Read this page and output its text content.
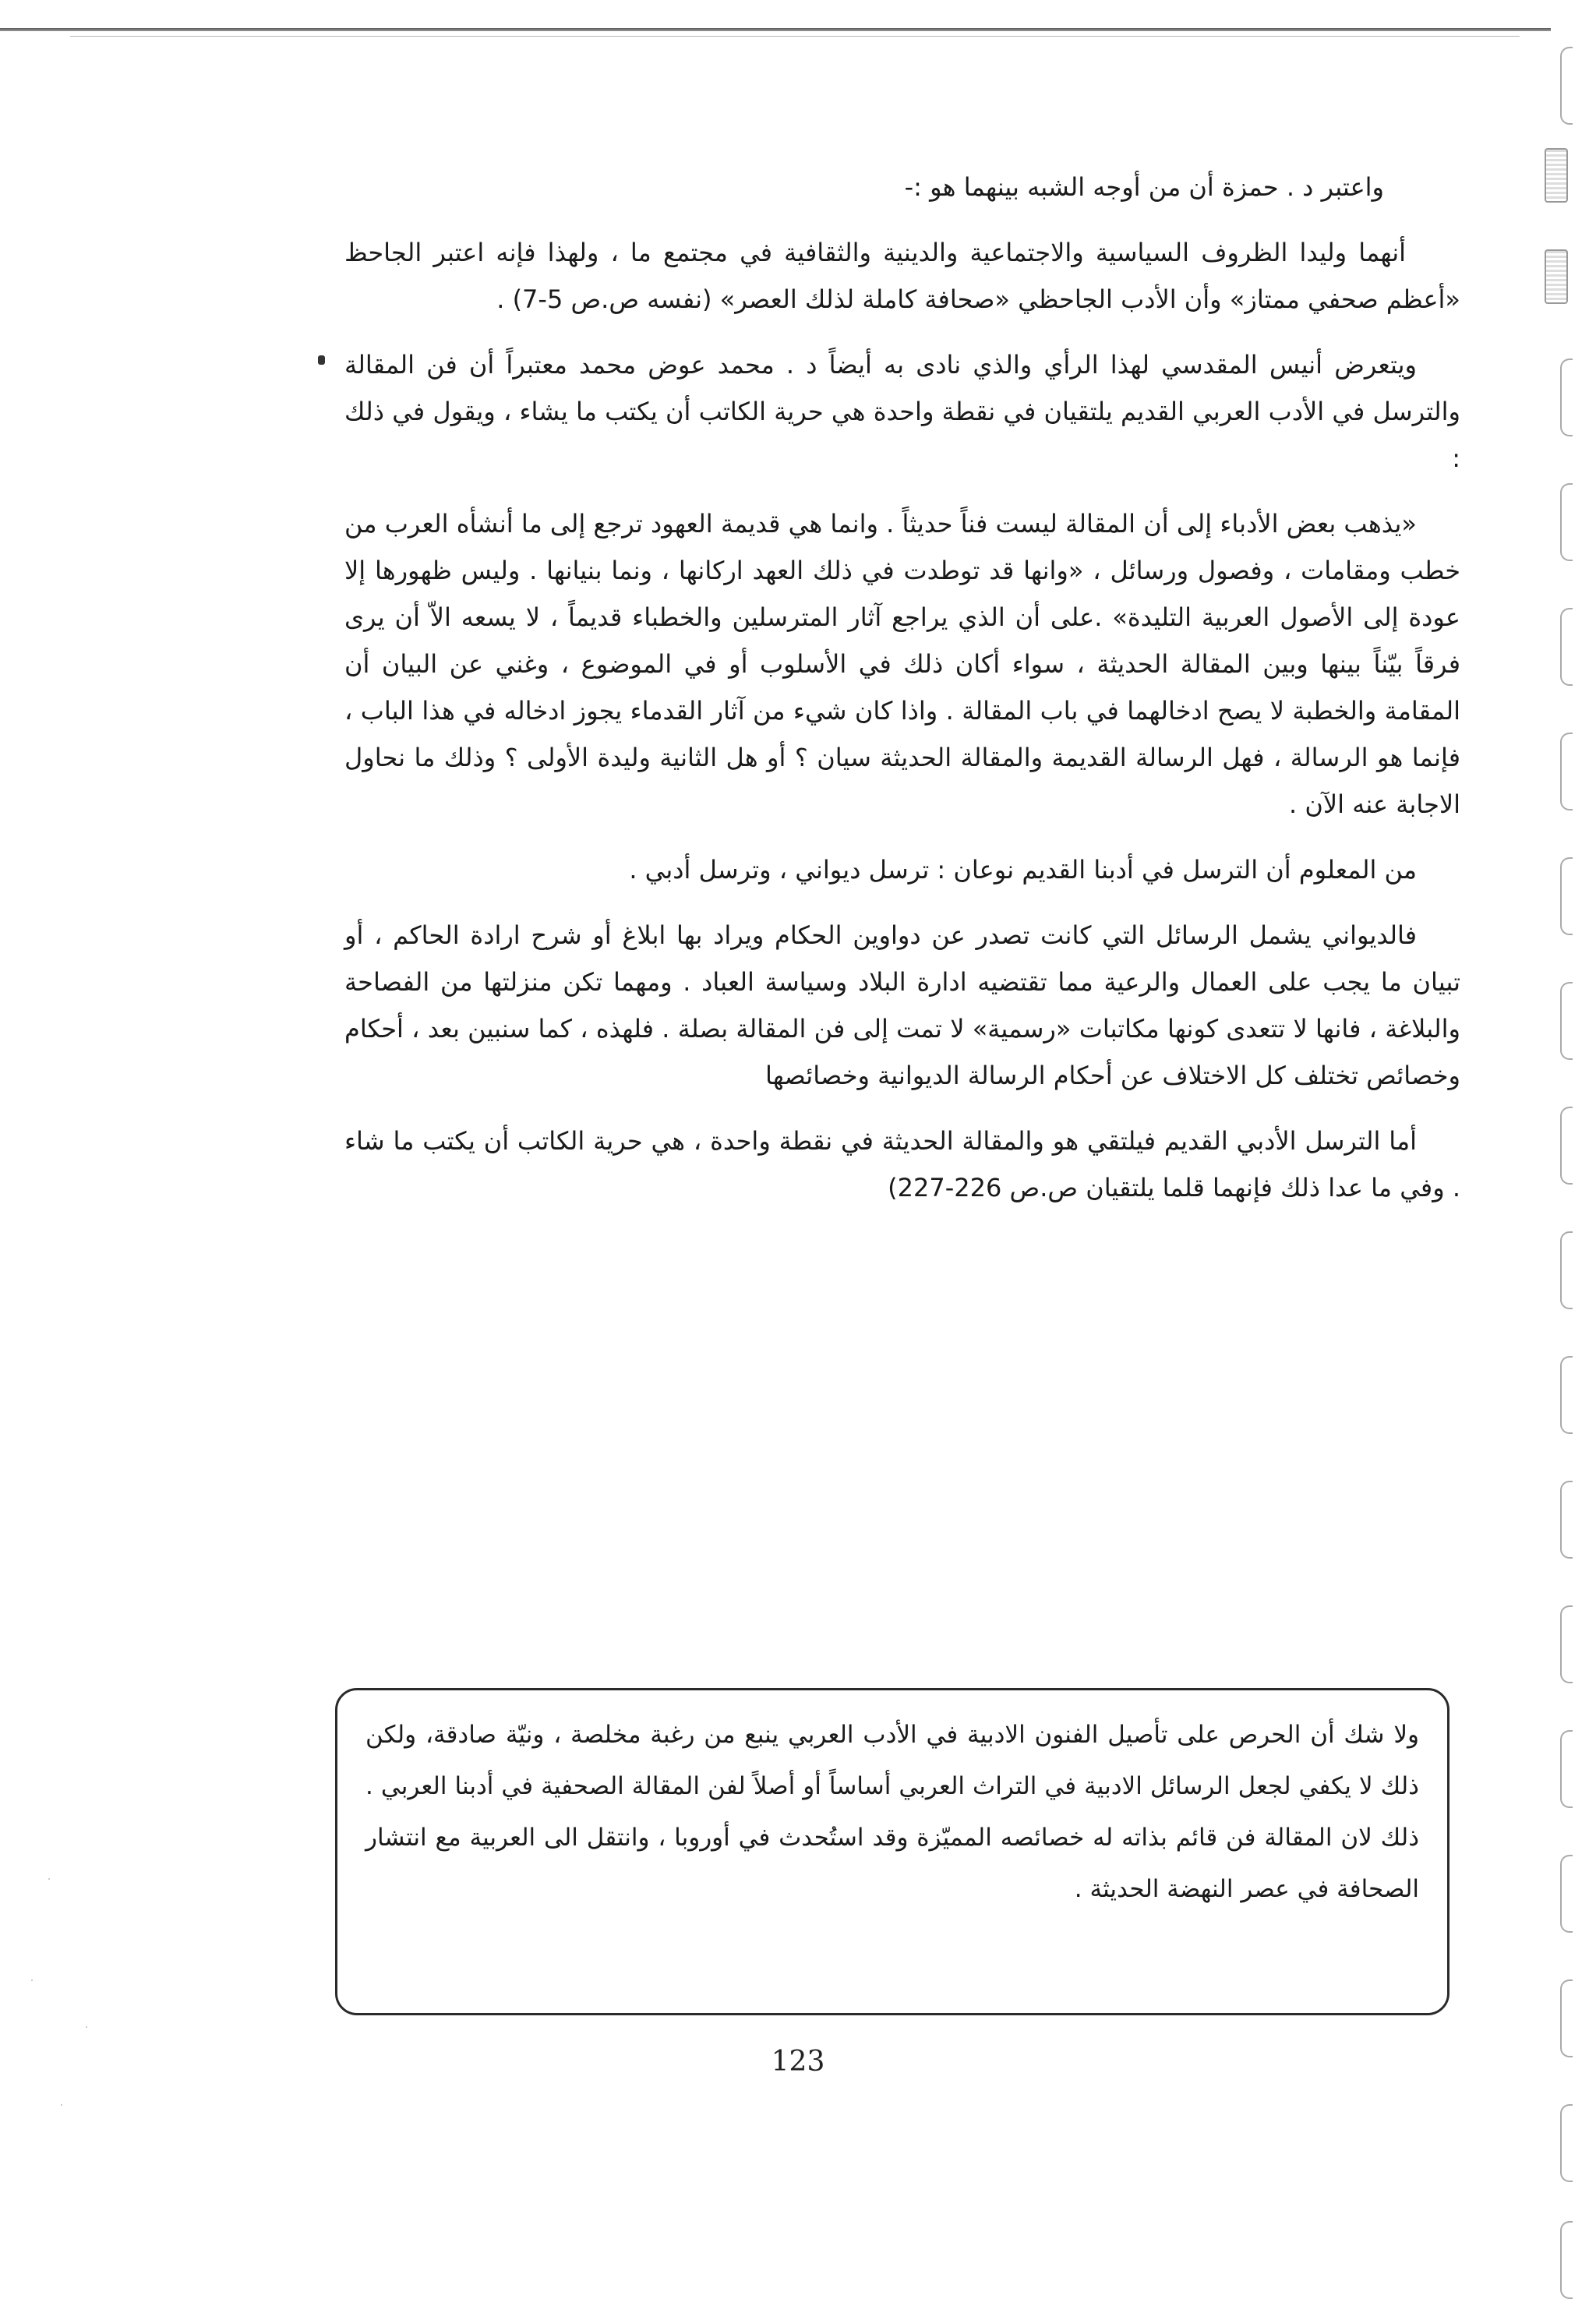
واعتبر د . حمزة أن من أوجه الشبه بينهما هو :-

أنهما وليدا الظروف السياسية والاجتماعية والدينية والثقافية في مجتمع ما ، ولهذا فإنه اعتبر الجاحظ «أعظم صحفي ممتاز» وأن الأدب الجاحظي «صحافة كاملة لذلك العصر» (نفسه ص.ص 5-7) .

ويتعرض أنيس المقدسي لهذا الرأي والذي نادى به أيضاً د . محمد عوض محمد معتبراً أن فن المقالة والترسل في الأدب العربي القديم يلتقيان في نقطة واحدة هي حرية الكاتب أن يكتب ما يشاء ، ويقول في ذلك :

«يذهب بعض الأدباء إلى أن المقالة ليست فناً حديثاً . وانما هي قديمة العهود ترجع إلى ما أنشأه العرب من خطب ومقامات ، وفصول ورسائل ، «وانها قد توطدت في ذلك العهد اركانها ، ونما بنيانها . وليس ظهورها إلا عودة إلى الأصول العربية التليدة» .على أن الذي يراجع آثار المترسلين والخطباء قديماً ، لا يسعه الاّ أن يرى فرقاً بيّناً بينها وبين المقالة الحديثة ، سواء أكان ذلك في الأسلوب أو في الموضوع ، وغني عن البيان أن المقامة والخطبة لا يصح ادخالهما في باب المقالة . واذا كان شيء من آثار القدماء يجوز ادخاله في هذا الباب ، فإنما هو الرسالة ، فهل الرسالة القديمة والمقالة الحديثة سيان ؟ أو هل الثانية وليدة الأولى ؟ وذلك ما نحاول الاجابة عنه الآن .

من المعلوم أن الترسل في أدبنا القديم نوعان : ترسل ديواني ، وترسل أدبي .

فالديواني يشمل الرسائل التي كانت تصدر عن دواوين الحكام ويراد بها ابلاغ أو شرح ارادة الحاكم ، أو تبيان ما يجب على العمال والرعية مما تقتضيه ادارة البلاد وسياسة العباد . ومهما تكن منزلتها من الفصاحة والبلاغة ، فانها لا تتعدى كونها مكاتبات «رسمية» لا تمت إلى فن المقالة بصلة . فلهذه ، كما سنبين بعد ، أحكام وخصائص تختلف كل الاختلاف عن أحكام الرسالة الديوانية وخصائصها

أما الترسل الأدبي القديم فيلتقي هو والمقالة الحديثة في نقطة واحدة ، هي حرية الكاتب أن يكتب ما شاء . وفي ما عدا ذلك فإنهما قلما يلتقيان ص.ص 226-227)

ولا شك أن الحرص على تأصيل الفنون الادبية في الأدب العربي ينبع من رغبة مخلصة ، ونيّة صادقة، ولكن ذلك لا يكفي لجعل الرسائل الادبية في التراث العربي أساساً أو أصلاً لفن المقالة الصحفية في أدبنا العربي . ذلك لان المقالة فن قائم بذاته له خصائصه المميّزة وقد استُحدث في أوروبا ، وانتقل الى العربية مع انتشار الصحافة في عصر النهضة الحديثة .
123
